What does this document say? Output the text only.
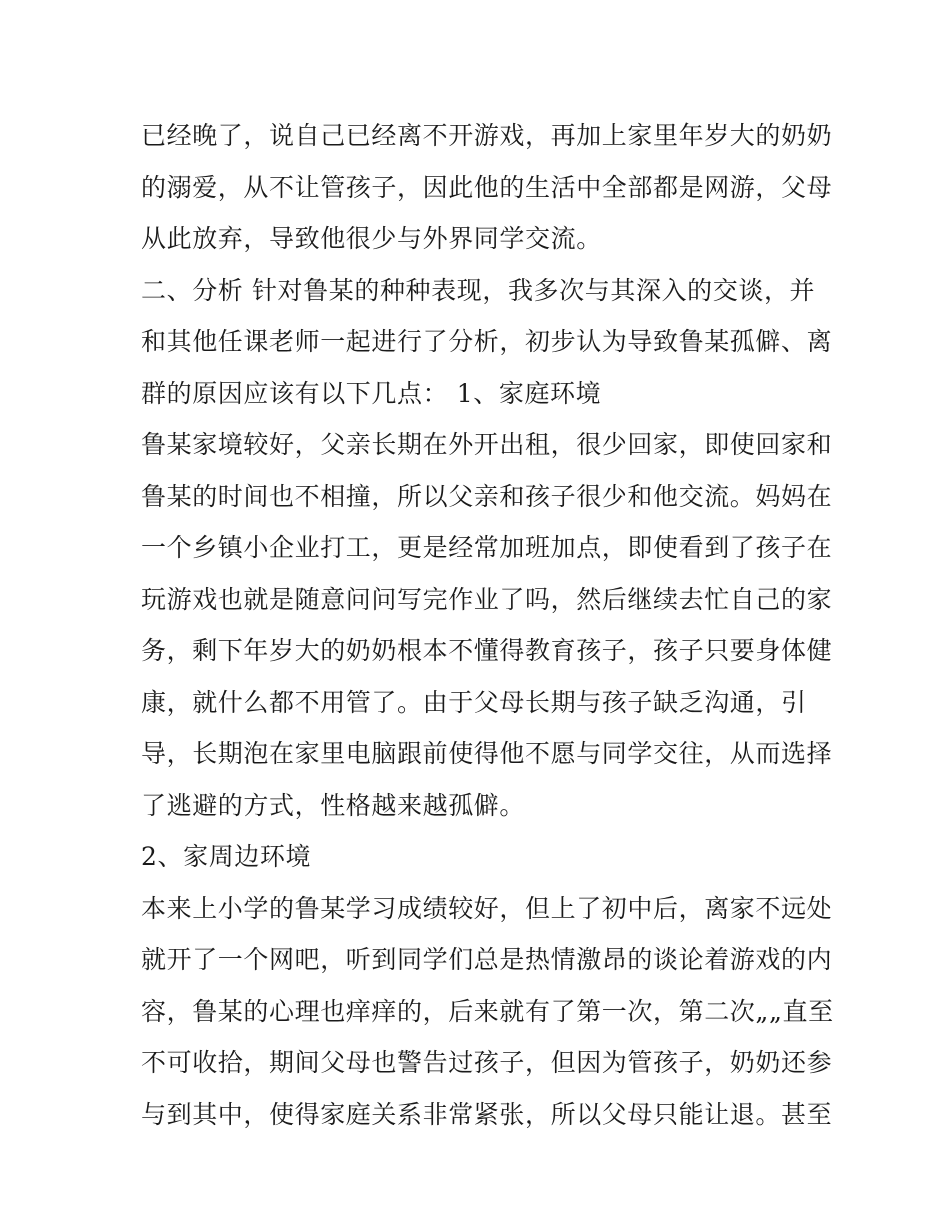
已经晚了，说自己已经离不开游戏，再加上家里年岁大的奶奶
的溺爱，从不让管孩子，因此他的生活中全部都是网游，父母
从此放弃，导致他很少与外界同学交流。
二、分析 针对鲁某的种种表现，我多次与其深入的交谈，并
和其他任课老师一起进行了分析，初步认为导致鲁某孤僻、离
群的原因应该有以下几点： 1、家庭环境
鲁某家境较好，父亲长期在外开出租，很少回家，即使回家和
鲁某的时间也不相撞，所以父亲和孩子很少和他交流。妈妈在
一个乡镇小企业打工，更是经常加班加点，即使看到了孩子在
玩游戏也就是随意问问写完作业了吗，然后继续去忙自己的家
务，剩下年岁大的奶奶根本不懂得教育孩子，孩子只要身体健
康，就什么都不用管了。由于父母长期与孩子缺乏沟通，引
导，长期泡在家里电脑跟前使得他不愿与同学交往，从而选择
了逃避的方式，性格越来越孤僻。
2、家周边环境
本来上小学的鲁某学习成绩较好，但上了初中后，离家不远处
就开了一个网吧，听到同学们总是热情激昂的谈论着游戏的内
容，鲁某的心理也痒痒的，后来就有了第一次，第二次„„直至
不可收拾，期间父母也警告过孩子，但因为管孩子，奶奶还参
与到其中，使得家庭关系非常紧张，所以父母只能让退。甚至
